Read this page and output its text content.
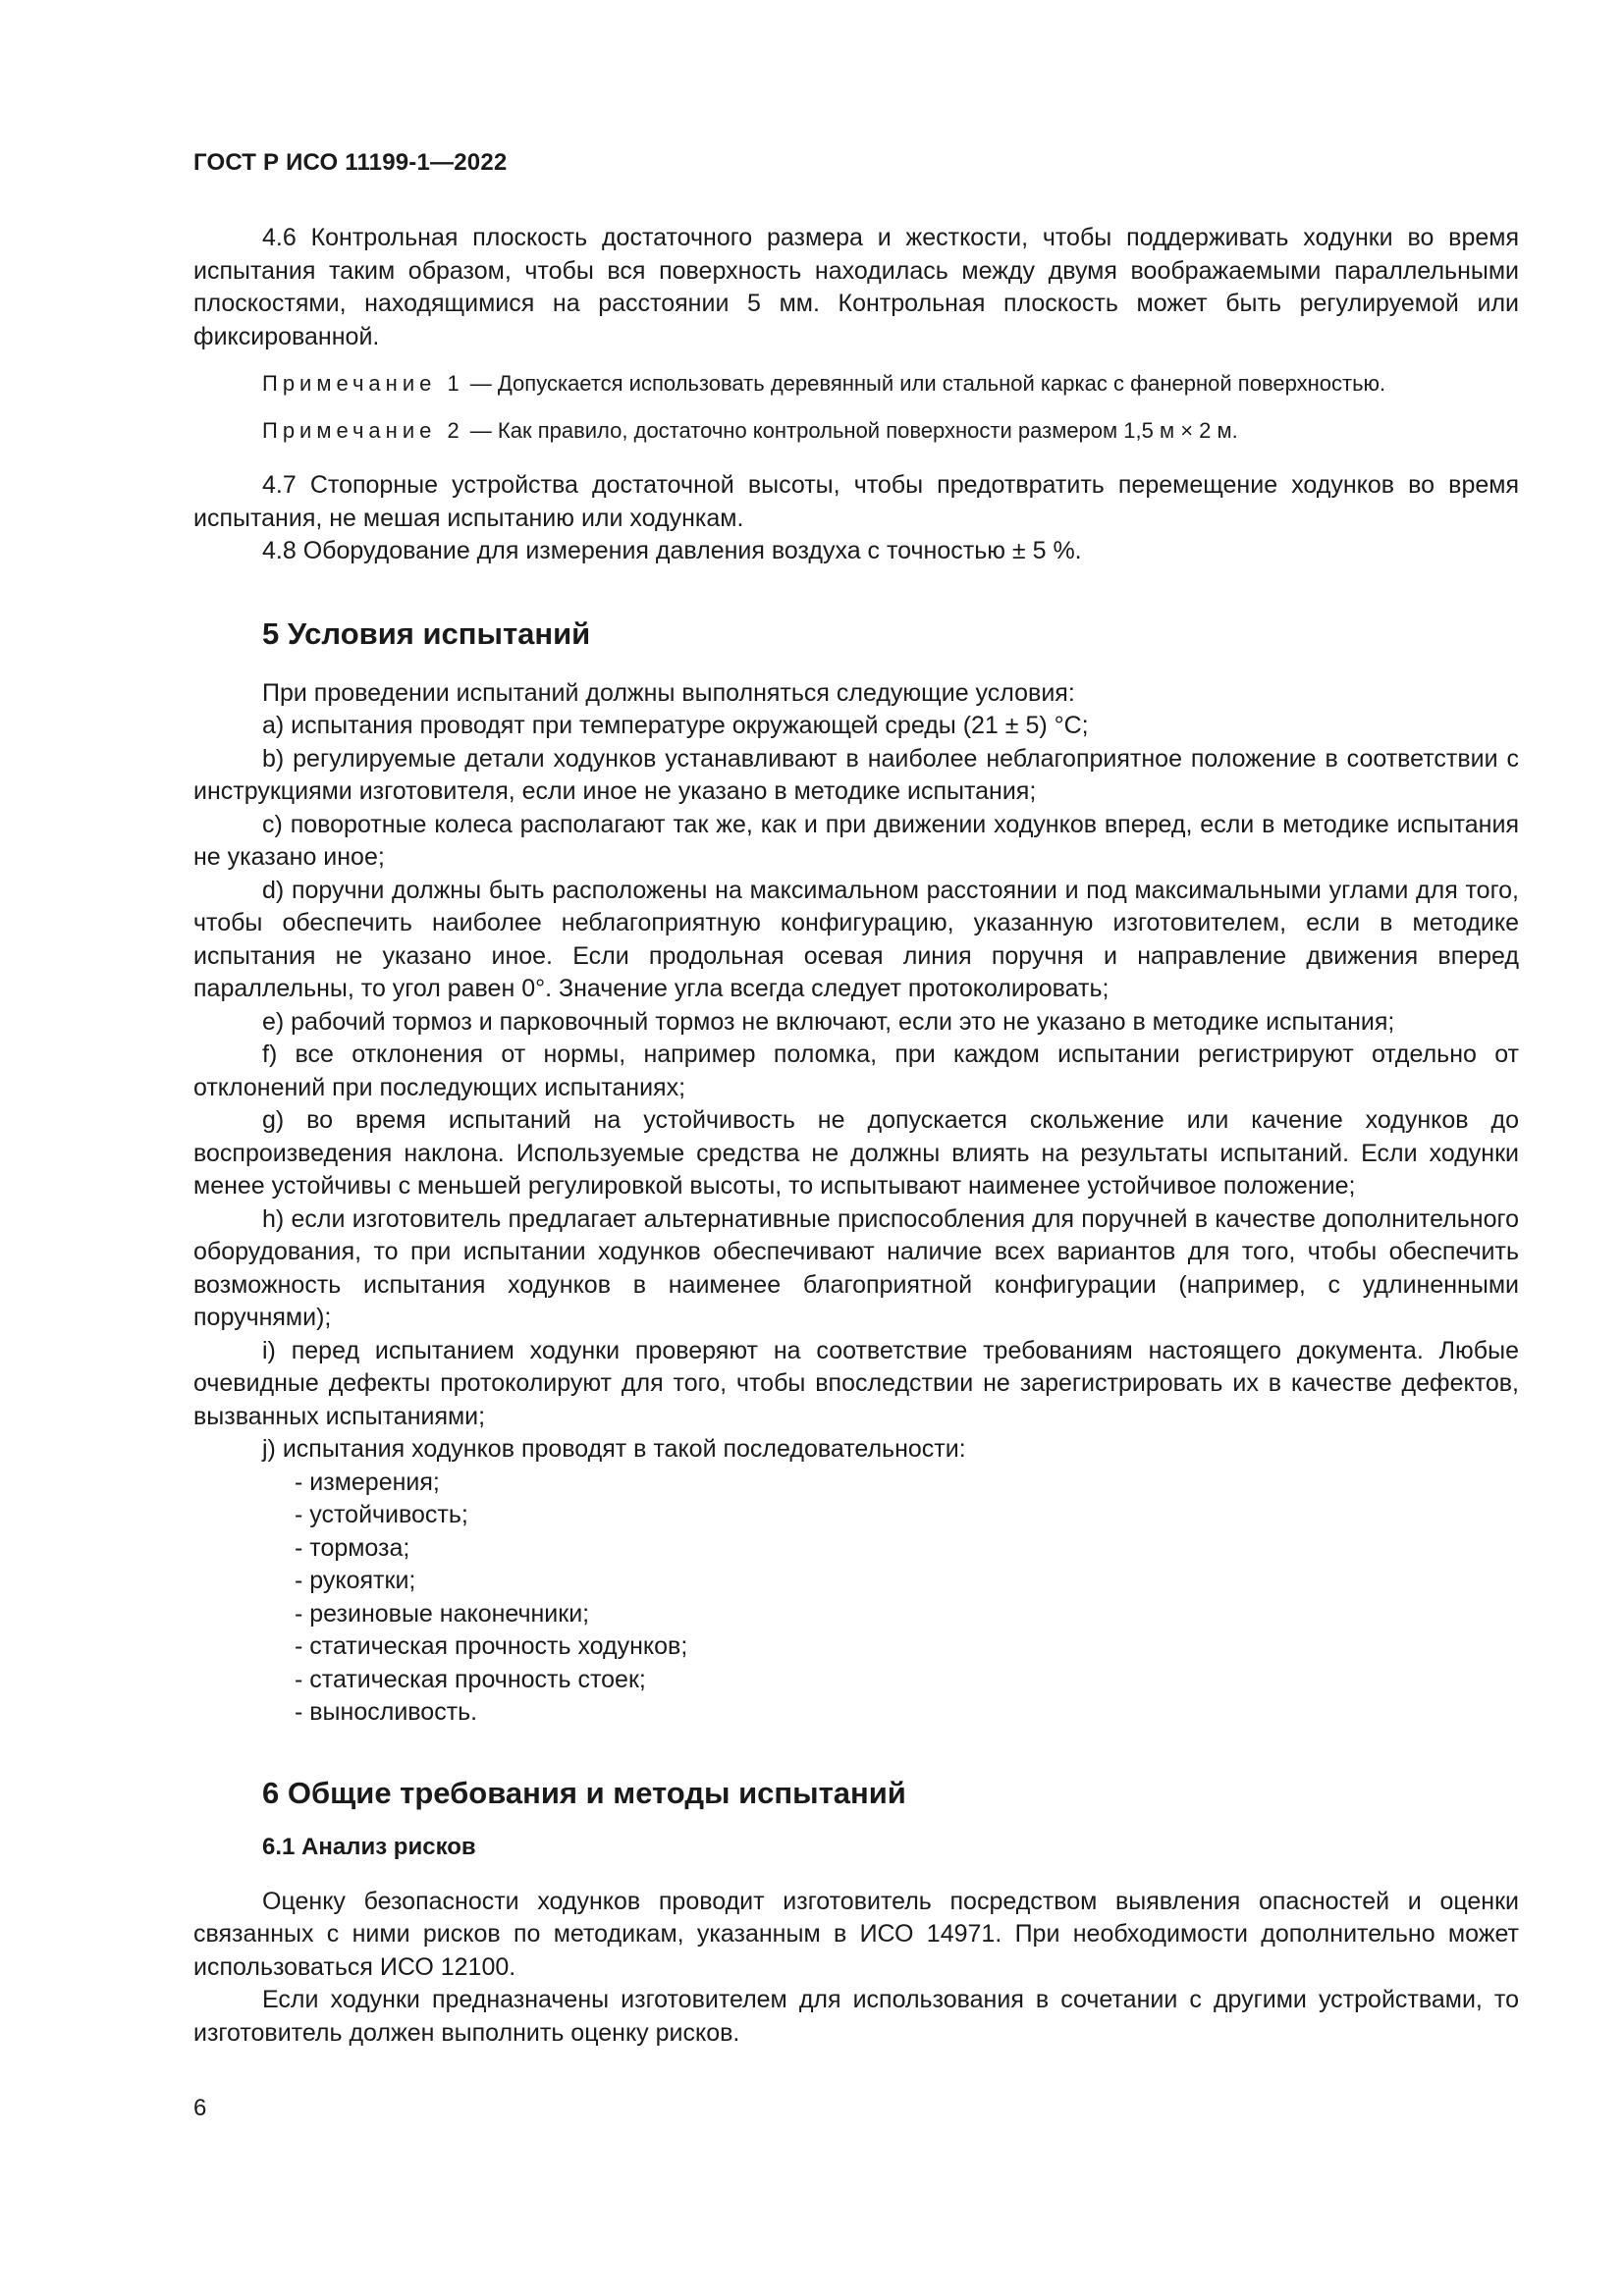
ГОСТ Р ИСО 11199-1—2022

4.6 Контрольная плоскость достаточного размера и жесткости, чтобы поддерживать ходунки во время испытания таким образом, чтобы вся поверхность находилась между двумя воображаемыми параллельными плоскостями, находящимися на расстоянии 5 мм. Контрольная плоскость может быть регулируемой или фиксированной.

Примечание 1 — Допускается использовать деревянный или стальной каркас с фанерной поверхностью.

Примечание 2 — Как правило, достаточно контрольной поверхности размером 1,5 м × 2 м.

4.7 Стопорные устройства достаточной высоты, чтобы предотвратить перемещение ходунков во время испытания, не мешая испытанию или ходункам.

4.8 Оборудование для измерения давления воздуха с точностью ± 5 %.

5 Условия испытаний

При проведении испытаний должны выполняться следующие условия:

a) испытания проводят при температуре окружающей среды (21 ± 5) °C;

b) регулируемые детали ходунков устанавливают в наиболее неблагоприятное положение в соответствии с инструкциями изготовителя, если иное не указано в методике испытания;

c) поворотные колеса располагают так же, как и при движении ходунков вперед, если в методике испытания не указано иное;

d) поручни должны быть расположены на максимальном расстоянии и под максимальными углами для того, чтобы обеспечить наиболее неблагоприятную конфигурацию, указанную изготовителем, если в методике испытания не указано иное. Если продольная осевая линия поручня и направление движения вперед параллельны, то угол равен 0°. Значение угла всегда следует протоколировать;

e) рабочий тормоз и парковочный тормоз не включают, если это не указано в методике испытания;

f) все отклонения от нормы, например поломка, при каждом испытании регистрируют отдельно от отклонений при последующих испытаниях;

g) во время испытаний на устойчивость не допускается скольжение или качение ходунков до воспроизведения наклона. Используемые средства не должны влиять на результаты испытаний. Если ходунки менее устойчивы с меньшей регулировкой высоты, то испытывают наименее устойчивое положение;

h) если изготовитель предлагает альтернативные приспособления для поручней в качестве дополнительного оборудования, то при испытании ходунков обеспечивают наличие всех вариантов для того, чтобы обеспечить возможность испытания ходунков в наименее благоприятной конфигурации (например, с удлиненными поручнями);

i) перед испытанием ходунки проверяют на соответствие требованиям настоящего документа. Любые очевидные дефекты протоколируют для того, чтобы впоследствии не зарегистрировать их в качестве дефектов, вызванных испытаниями;

j) испытания ходунков проводят в такой последовательности:

- измерения;

- устойчивость;

- тормоза;

- рукоятки;

- резиновые наконечники;

- статическая прочность ходунков;

- статическая прочность стоек;

- выносливость.

6 Общие требования и методы испытаний
6.1 Анализ рисков

Оценку безопасности ходунков проводит изготовитель посредством выявления опасностей и оценки связанных с ними рисков по методикам, указанным в ИСО 14971. При необходимости дополнительно может использоваться ИСО 12100.

Если ходунки предназначены изготовителем для использования в сочетании с другими устройствами, то изготовитель должен выполнить оценку рисков.

6
